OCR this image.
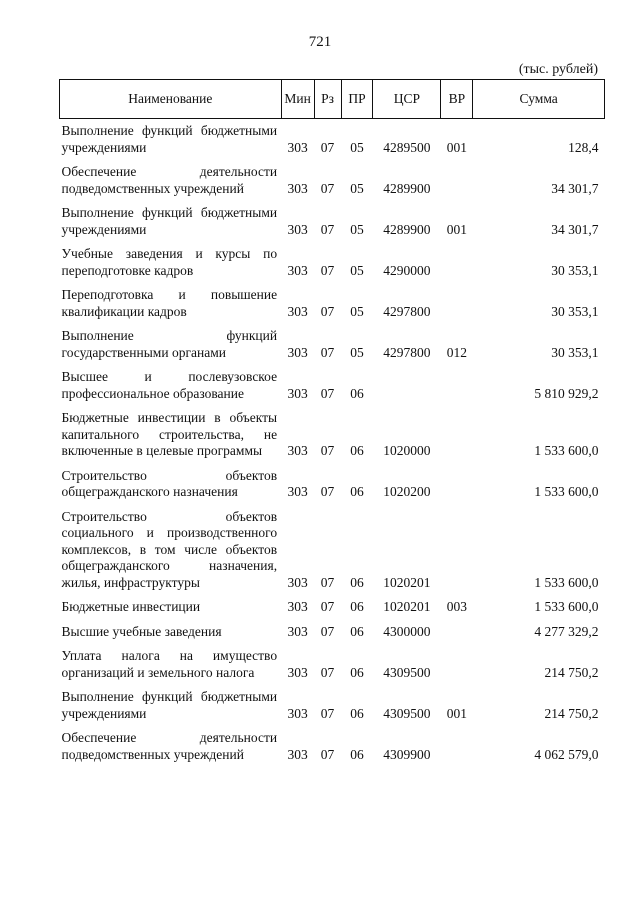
721
(тыс. рублей)
Наименование	Мин	Рз	ПР	ЦСР	ВР	Сумма
Выполнение функций бюджетными учреждениями	303	07	05	4289500	001	128,4
Обеспечение деятельности подведомственных учреждений	303	07	05	4289900		34 301,7
Выполнение функций бюджетными учреждениями	303	07	05	4289900	001	34 301,7
Учебные заведения и курсы по переподготовке кадров	303	07	05	4290000		30 353,1
Переподготовка и повышение квалификации кадров	303	07	05	4297800		30 353,1
Выполнение функций государственными органами	303	07	05	4297800	012	30 353,1
Высшее и послевузовское профессиональное образование	303	07	06			5 810 929,2
Бюджетные инвестиции в объекты капитального строительства, не включенные в целевые программы	303	07	06	1020000		1 533 600,0
Строительство объектов общегражданского назначения	303	07	06	1020200		1 533 600,0
Строительство объектов социального и производственного комплексов, в том числе объектов общегражданского назначения, жилья, инфраструктуры	303	07	06	1020201		1 533 600,0
Бюджетные инвестиции	303	07	06	1020201	003	1 533 600,0
Высшие учебные заведения	303	07	06	4300000		4 277 329,2
Уплата налога на имущество организаций и земельного налога	303	07	06	4309500		214 750,2
Выполнение функций бюджетными учреждениями	303	07	06	4309500	001	214 750,2
Обеспечение деятельности подведомственных учреждений	303	07	06	4309900		4 062 579,0
